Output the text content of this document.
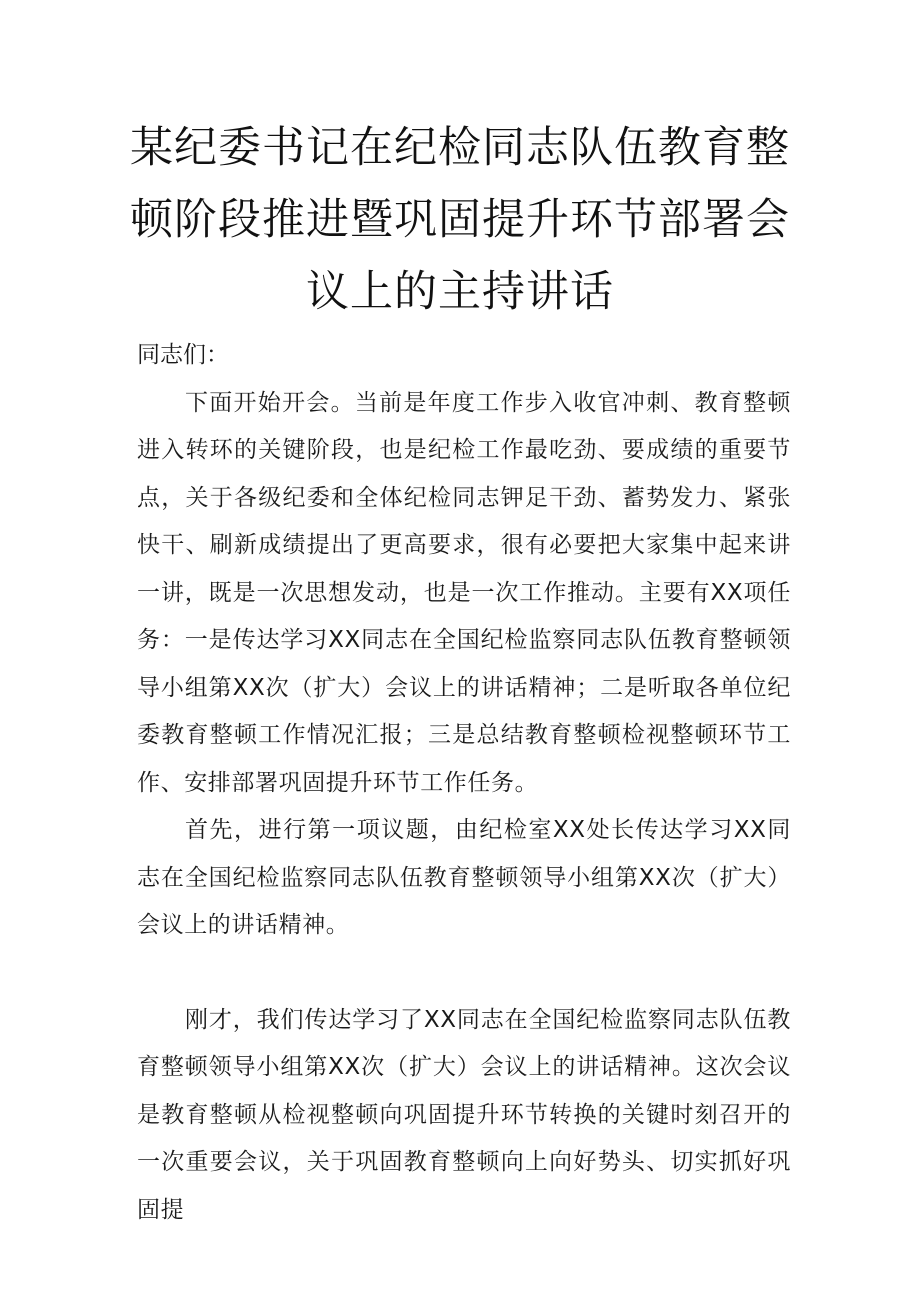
某纪委书记在纪检同志队伍教育整顿阶段推进暨巩固提升环节部署会议上的主持讲话

同志们：

下面开始开会。当前是年度工作步入收官冲刺、教育整顿进入转环的关键阶段，也是纪检工作最吃劲、要成绩的重要节点，关于各级纪委和全体纪检同志钾足干劲、蓄势发力、紧张快干、刷新成绩提出了更高要求，很有必要把大家集中起来讲一讲，既是一次思想发动，也是一次工作推动。主要有XX项任务：一是传达学习XX同志在全国纪检监察同志队伍教育整顿领导小组第XX次（扩大）会议上的讲话精神；二是听取各单位纪委教育整顿工作情况汇报；三是总结教育整顿检视整顿环节工作、安排部署巩固提升环节工作任务。

首先，进行第一项议题，由纪检室XX处长传达学习XX同志在全国纪检监察同志队伍教育整顿领导小组第XX次（扩大）会议上的讲话精神。

刚才，我们传达学习了XX同志在全国纪检监察同志队伍教育整顿领导小组第XX次（扩大）会议上的讲话精神。这次会议是教育整顿从检视整顿向巩固提升环节转换的关键时刻召开的一次重要会议，关于巩固教育整顿向上向好势头、切实抓好巩固提
